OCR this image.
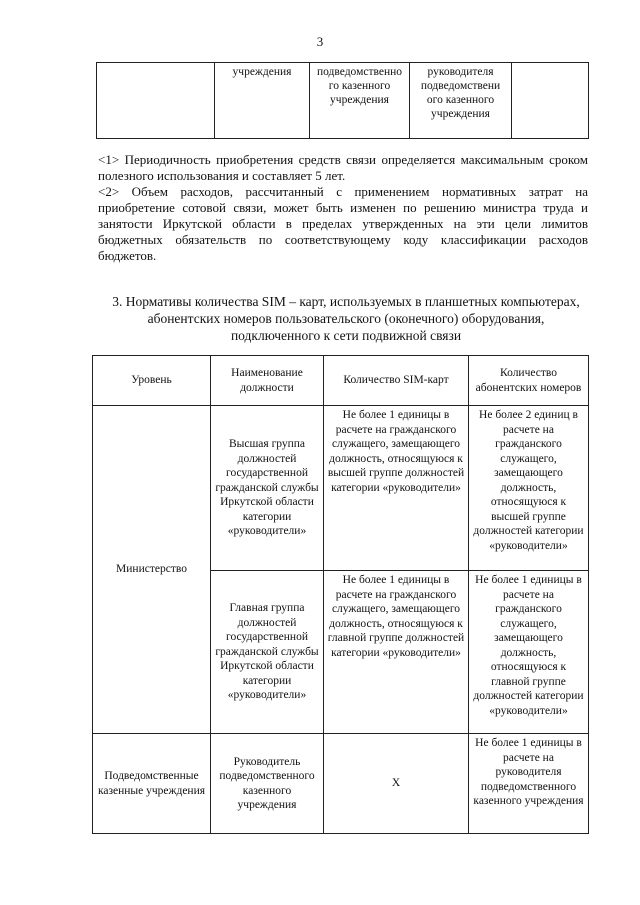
3
	учреждения	подведомственно го казенного учреждения	руководителя подведомствени ого казенного учреждения	

<1> Периодичность приобретения средств связи определяется максимальным сроком полезного использования и составляет 5 лет.

<2> Объем расходов, рассчитанный с применением нормативных затрат на приобретение сотовой связи, может быть изменен по решению министра труда и занятости Иркутской области в пределах утвержденных на эти цели лимитов бюджетных обязательств по соответствующему коду классификации расходов бюджетов.

3. Нормативы количества SIM – карт, используемых в планшетных компьютерах, абонентских номеров пользовательского (оконечного) оборудования, подключенного к сети подвижной связи
Уровень	Наименование должности	Количество SIM-карт	Количество абонентских номеров
Министерство	Высшая группа должностей государственной гражданской службы Иркутской области категории «руководители»	Не более 1 единицы в расчете на гражданского служащего, замещающего должность, относящуюся к высшей группе должностей категории «руководители»	Не более 2 единиц в расчете на гражданского служащего, замещающего должность, относящуюся к высшей группе должностей категории «руководители»
	Главная группа должностей государственной гражданской службы Иркутской области категории «руководители»	Не более 1 единицы в расчете на гражданского служащего, замещающего должность, относящуюся к главной группе должностей категории «руководители»	Не более 1 единицы в расчете на гражданского служащего, замещающего должность, относящуюся к главной группе должностей категории «руководители»
Подведомственные казенные учреждения	Руководитель подведомственного казенного учреждения	Х	Не более 1 единицы в расчете на руководителя подведомственного казенного учреждения
